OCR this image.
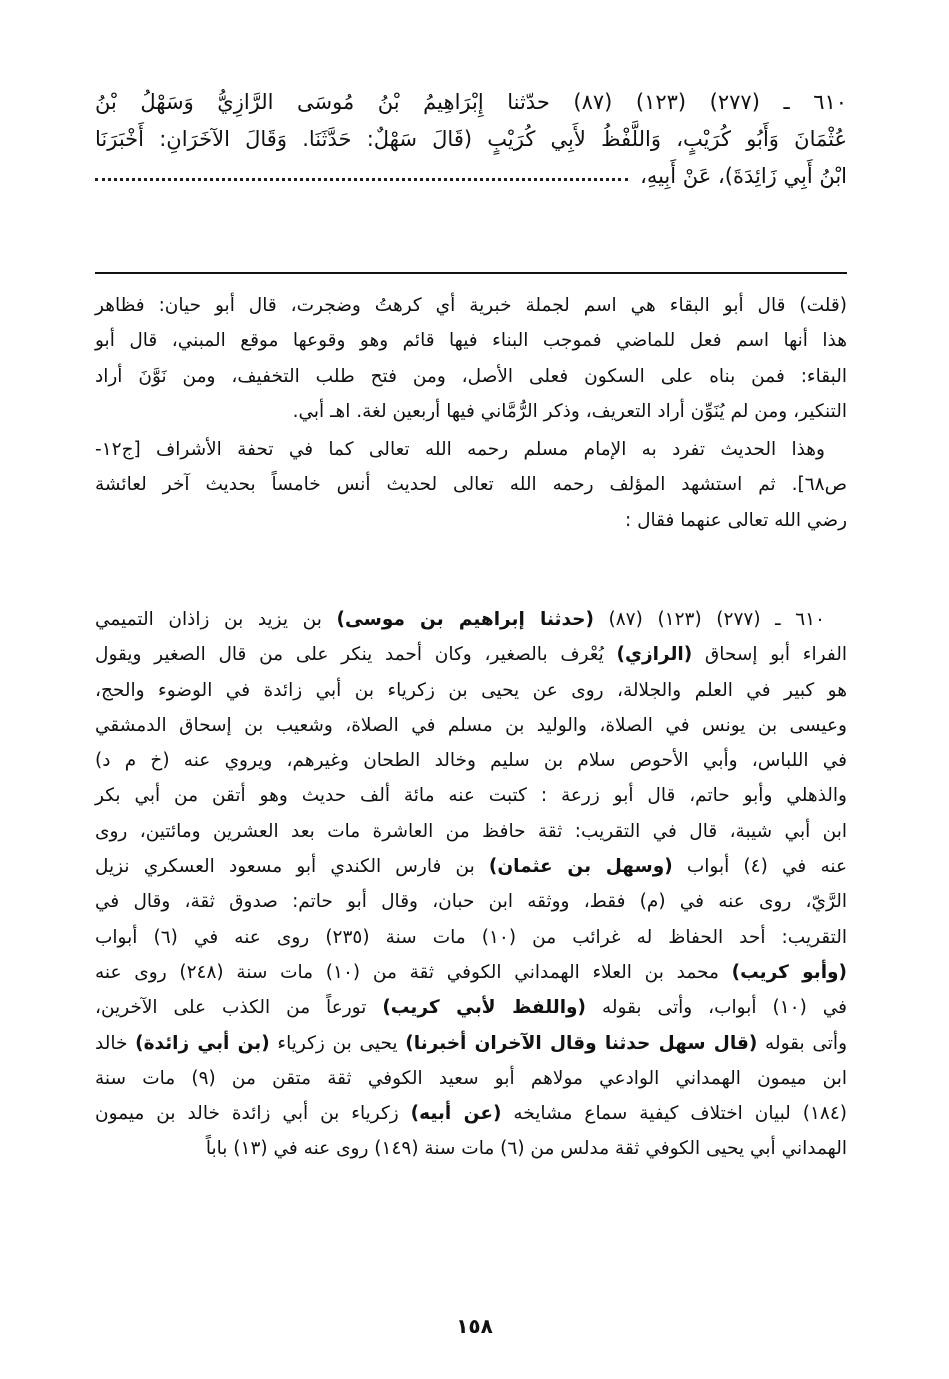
٦١٠ ـ (٢٧٧) (١٢٣) (٨٧) حدّثنا إِبْرَاهِيمُ بْنُ مُوسَى الرَّازِيُّ وَسَهْلُ بْنُ
عُثْمَانَ وَأَبُو كُرَيْبٍ، وَاللَّفْظُ لأَبِي كُرَيْبٍ (قَالَ سَهْلٌ: حَدَّثَنَا. وَقَالَ الآخَرَانِ: أَخْبَرَنَا
ابْنُ أَبِي زَائِدَةَ)، عَنْ أَبِيهِ،
(قلت) قال أبو البقاء هي اسم لجملة خبرية أي كرهتُ وضجرت، قال أبو حيان: فظاهر
هذا أنها اسم فعل للماضي فموجب البناء فيها قائم وهو وقوعها موقع المبني، قال أبو
البقاء: فمن بناه على السكون فعلى الأصل، ومن فتح طلب التخفيف، ومن نَوَّنَ أراد
التنكير، ومن لم يُنَوِّن أراد التعريف، وذكر الرُّمَّاني فيها أربعين لغة. اهـ أبي.
وهذا الحديث تفرد به الإمام مسلم رحمه الله تعالى كما في تحفة الأشراف [ج١٢-
ص٦٨]. ثم استشهد المؤلف رحمه الله تعالى لحديث أنس خامساً بحديث آخر لعائشة
رضي الله تعالى عنهما فقال :
٦١٠ ـ (٢٧٧) (١٢٣) (٨٧) (حدثنا إبراهيم بن موسى) بن يزيد بن زاذان التميمي
الفراء أبو إسحاق (الرازي) يُعْرف بالصغير، وكان أحمد ينكر على من قال الصغير ويقول
هو كبير في العلم والجلالة، روى عن يحيى بن زكرياء بن أبي زائدة في الوضوء والحج،
وعيسى بن يونس في الصلاة، والوليد بن مسلم في الصلاة، وشعيب بن إسحاق الدمشقي
في اللباس، وأبي الأحوص سلام بن سليم وخالد الطحان وغيرهم، ويروي عنه (خ م د)
والذهلي وأبو حاتم، قال أبو زرعة : كتبت عنه مائة ألف حديث وهو أتقن من أبي بكر
ابن أبي شيبة، قال في التقريب: ثقة حافظ من العاشرة مات بعد العشرين ومائتين، روى
عنه في (٤) أبواب (وسهل بن عثمان) بن فارس الكندي أبو مسعود العسكري نزيل
الرَّيّ، روى عنه في (م) فقط، ووثقه ابن حبان، وقال أبو حاتم: صدوق ثقة، وقال في
التقريب: أحد الحفاظ له غرائب من (١٠) مات سنة (٢٣٥) روى عنه في (٦) أبواب
(وأبو كريب) محمد بن العلاء الهمداني الكوفي ثقة من (١٠) مات سنة (٢٤٨) روى عنه
في (١٠) أبواب، وأتى بقوله (واللفظ لأبي كريب) تورعاً من الكذب على الآخرين،
وأتى بقوله (قال سهل حدثنا وقال الآخران أخبرنا) يحيى بن زكرياء (بن أبي زائدة) خالد
ابن ميمون الهمداني الوادعي مولاهم أبو سعيد الكوفي ثقة متقن من (٩) مات سنة
(١٨٤) لبيان اختلاف كيفية سماع مشايخه (عن أبيه) زكرياء بن أبي زائدة خالد بن ميمون
الهمداني أبي يحيى الكوفي ثقة مدلس من (٦) مات سنة (١٤٩) روى عنه في (١٣) باباً
١٥٨
